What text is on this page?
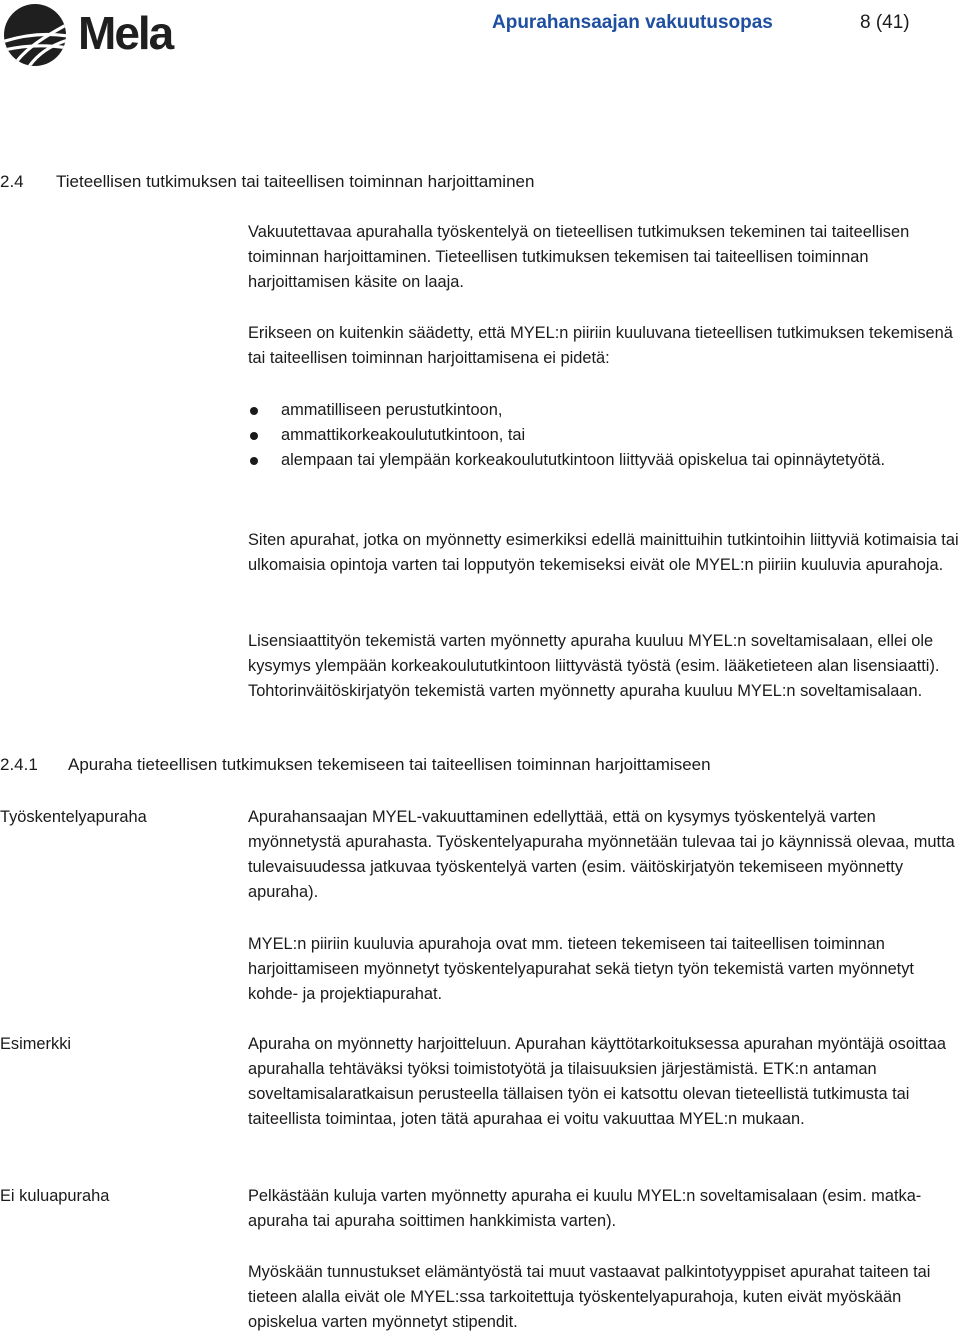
Mela	Apurahansaajan vakuutusopas	8 (41)
2.4 Tieteellisen tutkimuksen tai taiteellisen toiminnan harjoittaminen

Vakuutettavaa apurahalla työskentelyä on tieteellisen tutkimuksen tekeminen tai taiteellisen toiminnan harjoittaminen. Tieteellisen tutkimuksen tekemisen tai taiteellisen toiminnan harjoittamisen käsite on laaja.

Erikseen on kuitenkin säädetty, että MYEL:n piiriin kuuluvana tieteellisen tutkimuksen tekemisenä tai taiteellisen toiminnan harjoittamisena ei pidetä:

ammatilliseen perustutkintoon,
ammattikorkeakoulututkintoon, tai
alempaan tai ylempään korkeakoulututkintoon liittyvää opiskelua tai opinnäytetyötä.

Siten apurahat, jotka on myönnetty esimerkiksi edellä mainittuihin tutkintoihin liittyviä kotimaisia tai ulkomaisia opintoja varten tai lopputyön tekemiseksi eivät ole MYEL:n piiriin kuuluvia apurahoja.

Lisensiaattityön tekemistä varten myönnetty apuraha kuuluu MYEL:n soveltamisalaan, ellei ole kysymys ylempään korkeakoulututkintoon liittyvästä työstä (esim. lääketieteen alan lisensiaatti). Tohtorinväitöskirjatyön tekemistä varten myönnetty apuraha kuuluu MYEL:n soveltamisalaan.

2.4.1 Apuraha tieteellisen tutkimuksen tekemiseen tai taiteellisen toiminnan harjoittamiseen
Työskentelyapuraha	Apurahansaajan MYEL-vakuuttaminen edellyttää, että on kysymys työskentelyä varten myönnetystä apurahasta. Työskentelyapuraha myönnetään tulevaa tai jo käynnissä olevaa, mutta tulevaisuudessa jatkuvaa työskentelyä varten (esim. väitöskirjatyön tekemiseen myönnetty apuraha).

MYEL:n piiriin kuuluvia apurahoja ovat mm. tieteen tekemiseen tai taiteellisen toiminnan harjoittamiseen myönnetyt työskentelyapurahat sekä tietyn työn tekemistä varten myönnetyt kohde- ja projektiapurahat.

Esimerkki	Apuraha on myönnetty harjoitteluun. Apurahan käyttötarkoituksessa apurahan myöntäjä osoittaa apurahalla tehtäväksi työksi toimistotyötä ja tilaisuuksien järjestämistä. ETK:n antaman soveltamisalaratkaisun perusteella tällaisen työn ei katsottu olevan tieteellistä tutkimusta tai taiteellista toimintaa, joten tätä apurahaa ei voitu vakuuttaa MYEL:n mukaan.

Ei kuluapuraha	Pelkästään kuluja varten myönnetty apuraha ei kuulu MYEL:n soveltamisalaan (esim. matka-apuraha tai apuraha soittimen hankkimista varten).

Myöskään tunnustukset elämäntyöstä tai muut vastaavat palkintotyyppiset apurahat taiteen tai tieteen alalla eivät ole MYEL:ssa tarkoitettuja työskentelyapurahoja, kuten eivät myöskään opiskelua varten myönnetyt stipendit.
